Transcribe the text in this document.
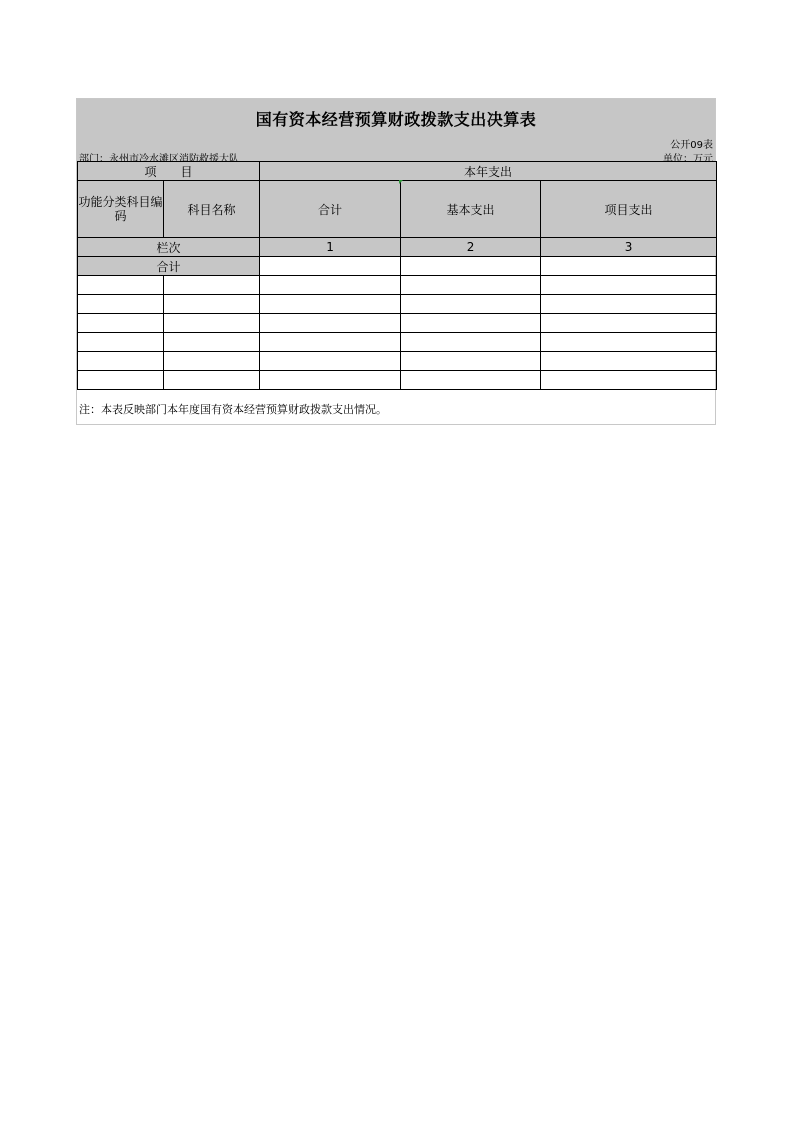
国有资本经营预算财政拨款支出决算表
公开09表
部门：永州市冷水滩区消防救援大队	单位：万元
项　　目		本年支出		
功能分类科目编码	科目名称	合计	基本支出	项目支出
栏次		1	2	3
合计				

注：本表反映部门本年度国有资本经营预算财政拨款支出情况。
